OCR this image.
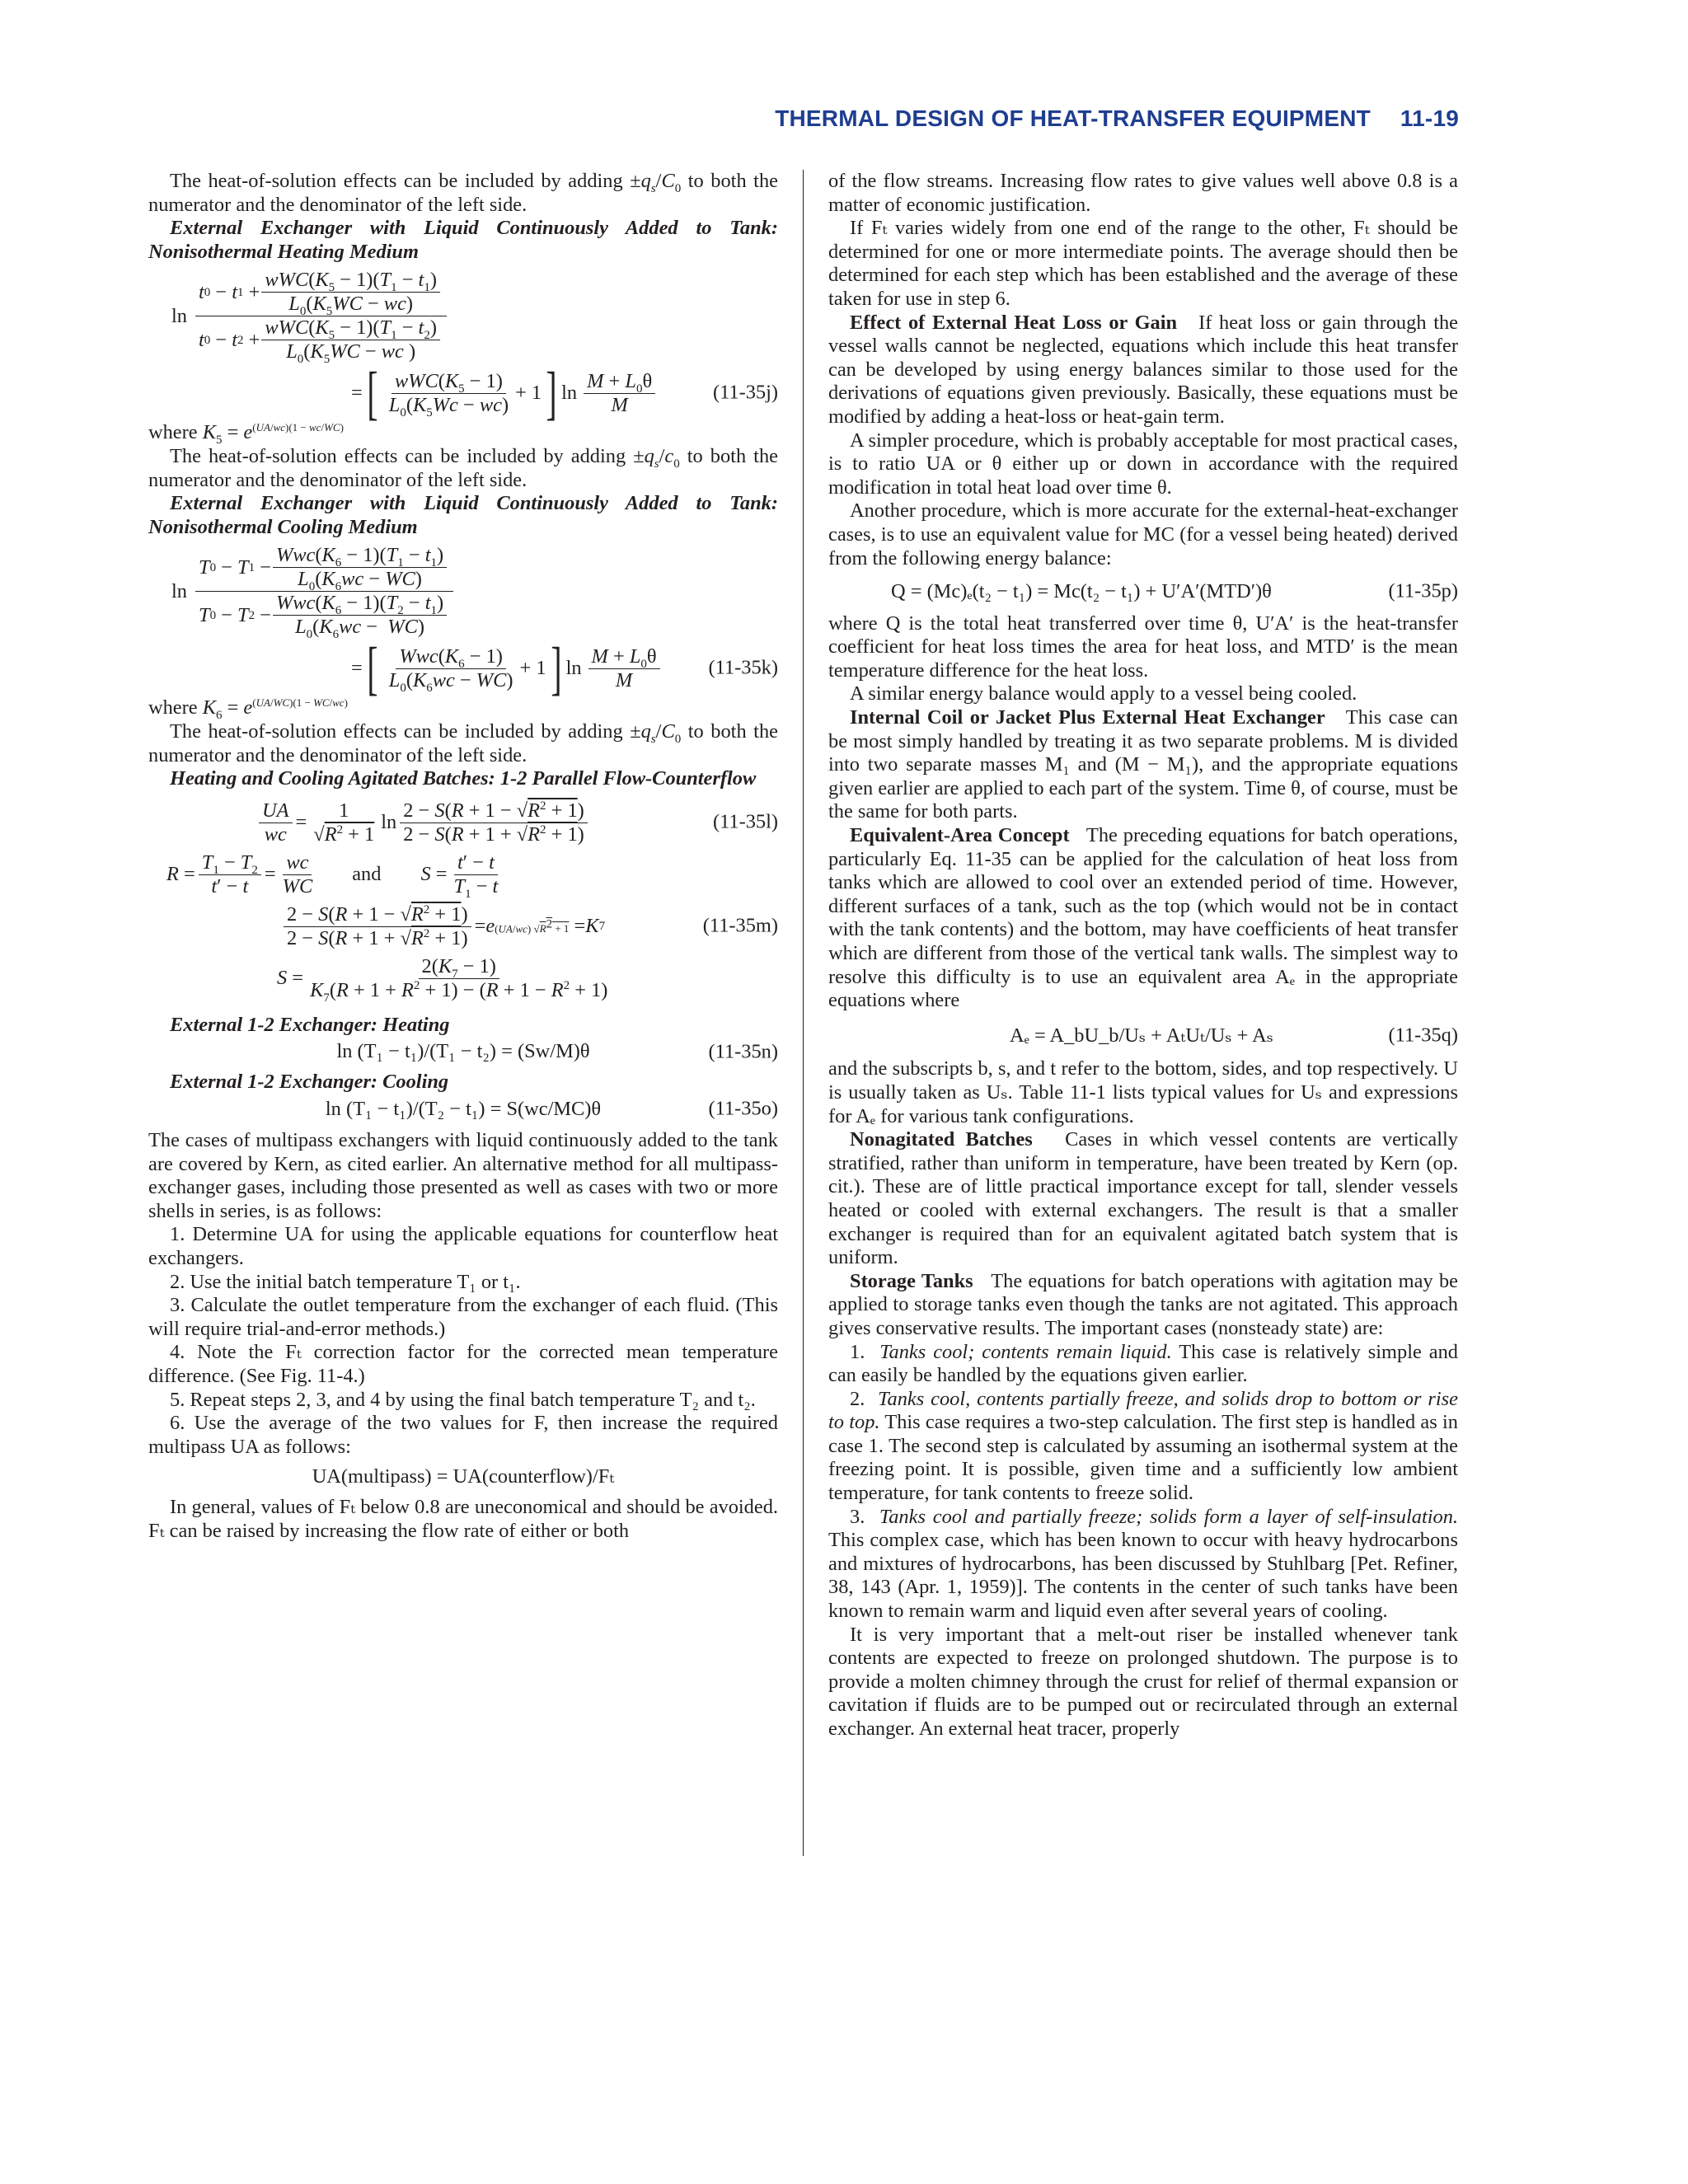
THERMAL DESIGN OF HEAT-TRANSFER EQUIPMENT 11-19

The heat-of-solution effects can be included by adding $\pm q_s/C_0$ to both the numerator and the denominator of the left side.

External Exchanger with Liquid Continuously Added to Tank: Nonisothermal Heating Medium

$\ln \frac{t 0 - t 1 + \frac{wWC(K_5 - 1)(T_1 - t_1)}{L_0(K_5WC - wc)}}{t 0 - t 2 + \frac{wWC(K_5 - 1)(T_1 - t_2)}{L_0(K_5WC - wc )}}$
= [ $\frac{wWC(K_5 - 1)}{L_0(K_5Wc - wc)} + 1$ ] $\ln \frac{M + L_0\theta}{M}$	(11-35j)

where $K_5 = e^{(UA/wc)(1 - wc/WC)}$

The heat-of-solution effects can be included by adding $\pm q_s/c_0$ to both the numerator and the denominator of the left side.

External Exchanger with Liquid Continuously Added to Tank: Nonisothermal Cooling Medium

$\ln \frac{T 0 - T 1 - \frac{Wwc(K_6 - 1)(T_1 - t_1)}{L_0(K_6wc - WC)}}{T 0 - T 2 - \frac{Wwc(K_6 - 1)(T_2 - t_1)}{L_0(K_6wc - WC)}}$
= [ $\frac{Wwc(K_6 - 1)}{L_0(K_6wc - WC)} + 1$ ] $\ln \frac{M + L_0\theta}{M} (11-35k)$

where $K_6 = e^{(UA/WC)(1 - WC/wc)}$

The heat-of-solution effects can be included by adding $\pm q_s/C_0$ to both the numerator and the denominator of the left side.

Heating and Cooling Agitated Batches: 1-2 Parallel Flow-Counterflow

$\frac{UA}{wc} = \frac{1}{√R^2 + 1}$ $\ln \frac{2 - S(R + 1 - √R^2 + 1)}{2 - S(R + 1 + √R^2 + 1)}$	(11-35l)
$R = \frac{T_1 - T_2}{t' - t} = \frac{wc}{WC}$ and $S = \frac{t' - t}{T_1 - t}$
$\frac{2 - S(R + 1 - √R^2 + 1)}{2 - S(R + 1 + √R^2 + 1)} = e$ (UA/wc) $√R^2 + 1 = K$ 7	(11-35m)
$S = \frac{2(K_7 - 1)}{K_7(R + 1 + R^2 + 1) - (R + 1 - R^2 + 1)}$

External 1-2 Exchanger: Heating

ln (T₁ − t₁)/(T₁ − t₂) = (Sw/M)θ	(11-35n)

External 1-2 Exchanger: Cooling

ln (T₁ − t₁)/(T₂ − t₁) = S(wc/MC)θ	(11-35o)

The cases of multipass exchangers with liquid continuously added to the tank are covered by Kern, as cited earlier. An alternative method for all multipass-exchanger gases, including those presented as well as cases with two or more shells in series, is as follows:

1. Determine UA for using the applicable equations for counterflow heat exchangers.

2. Use the initial batch temperature T₁ or t₁.

3. Calculate the outlet temperature from the exchanger of each fluid. (This will require trial-and-error methods.)

4. Note the Fₜ correction factor for the corrected mean temperature difference. (See Fig. 11-4.)

5. Repeat steps 2, 3, and 4 by using the final batch temperature T₂ and t₂.

6. Use the average of the two values for F, then increase the required multipass UA as follows:

UA(multipass) = UA(counterflow)/Fₜ

In general, values of Fₜ below 0.8 are uneconomical and should be avoided. Fₜ can be raised by increasing the flow rate of either or both

of the flow streams. Increasing flow rates to give values well above 0.8 is a matter of economic justification.

If Fₜ varies widely from one end of the range to the other, Fₜ should be determined for one or more intermediate points. The average should then be determined for each step which has been established and the average of these taken for use in step 6.

Effect of External Heat Loss or Gain If heat loss or gain through the vessel walls cannot be neglected, equations which include this heat transfer can be developed by using energy balances similar to those used for the derivations of equations given previously. Basically, these equations must be modified by adding a heat-loss or heat-gain term.

A simpler procedure, which is probably acceptable for most practical cases, is to ratio UA or θ either up or down in accordance with the required modification in total heat load over time θ.

Another procedure, which is more accurate for the external-heat-exchanger cases, is to use an equivalent value for MC (for a vessel being heated) derived from the following energy balance:

Q = (Mc)ₑ(t₂ − t₁) = Mc(t₂ − t₁) + U′A′(MTD′)θ	(11-35p)

where Q is the total heat transferred over time θ, U′A′ is the heat-transfer coefficient for heat loss times the area for heat loss, and MTD′ is the mean temperature difference for the heat loss.

A similar energy balance would apply to a vessel being cooled.

Internal Coil or Jacket Plus External Heat Exchanger This case can be most simply handled by treating it as two separate problems. M is divided into two separate masses M₁ and (M − M₁), and the appropriate equations given earlier are applied to each part of the system. Time θ, of course, must be the same for both parts.

Equivalent-Area Concept The preceding equations for batch operations, particularly Eq. 11-35 can be applied for the calculation of heat loss from tanks which are allowed to cool over an extended period of time. However, different surfaces of a tank, such as the top (which would not be in contact with the tank contents) and the bottom, may have coefficients of heat transfer which are different from those of the vertical tank walls. The simplest way to resolve this difficulty is to use an equivalent area Aₑ in the appropriate equations where

Aₑ = A_bU_b/Uₛ + AₜUₜ/Uₛ + Aₛ	(11-35q)

and the subscripts b, s, and t refer to the bottom, sides, and top respectively. U is usually taken as Uₛ. Table 11-1 lists typical values for Uₛ and expressions for Aₑ for various tank configurations.

Nonagitated Batches Cases in which vessel contents are vertically stratified, rather than uniform in temperature, have been treated by Kern (op. cit.). These are of little practical importance except for tall, slender vessels heated or cooled with external exchangers. The result is that a smaller exchanger is required than for an equivalent agitated batch system that is uniform.

Storage Tanks The equations for batch operations with agitation may be applied to storage tanks even though the tanks are not agitated. This approach gives conservative results. The important cases (nonsteady state) are:

1.  Tanks cool; contents remain liquid. This case is relatively simple and can easily be handled by the equations given earlier.

2.  Tanks cool, contents partially freeze, and solids drop to bottom or rise to top. This case requires a two-step calculation. The first step is handled as in case 1. The second step is calculated by assuming an isothermal system at the freezing point. It is possible, given time and a sufficiently low ambient temperature, for tank contents to freeze solid.

3.  Tanks cool and partially freeze; solids form a layer of self-insulation. This complex case, which has been known to occur with heavy hydrocarbons and mixtures of hydrocarbons, has been discussed by Stuhlbarg [Pet. Refiner, 38, 143 (Apr. 1, 1959)]. The contents in the center of such tanks have been known to remain warm and liquid even after several years of cooling.

It is very important that a melt-out riser be installed whenever tank contents are expected to freeze on prolonged shutdown. The purpose is to provide a molten chimney through the crust for relief of thermal expansion or cavitation if fluids are to be pumped out or recirculated through an external exchanger. An external heat tracer, properly
